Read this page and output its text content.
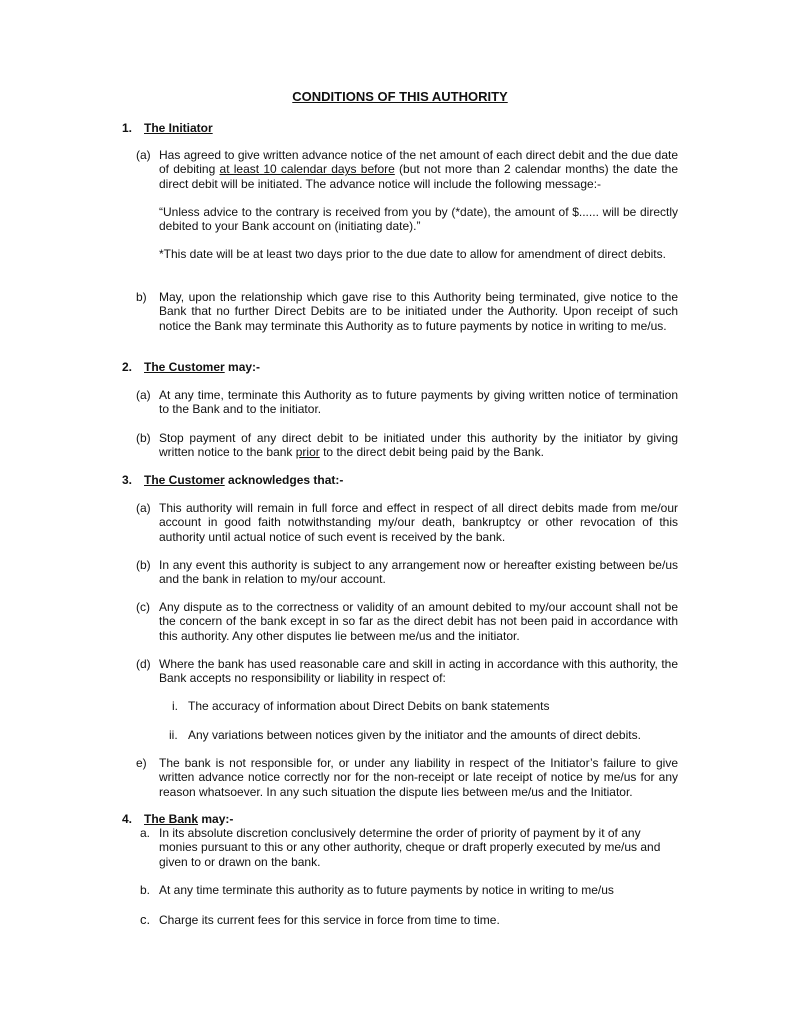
CONDITIONS OF THIS AUTHORITY
1. The Initiator
(a) Has agreed to give written advance notice of the net amount of each direct debit and the due date of debiting at least 10 calendar days before (but not more than 2 calendar months) the date the direct debit will be initiated. The advance notice will include the following message:-
“Unless advice to the contrary is received from you by (*date), the amount of $...... will be directly debited to your Bank account on (initiating date).”
*This date will be at least two days prior to the due date to allow for amendment of direct debits.
b) May, upon the relationship which gave rise to this Authority being terminated, give notice to the Bank that no further Direct Debits are to be initiated under the Authority. Upon receipt of such notice the Bank may terminate this Authority as to future payments by notice in writing to me/us.
2. The Customer may:-
(a) At any time, terminate this Authority as to future payments by giving written notice of termination to the Bank and to the initiator.
(b) Stop payment of any direct debit to be initiated under this authority by the initiator by giving written notice to the bank prior to the direct debit being paid by the Bank.
3. The Customer acknowledges that:-
(a) This authority will remain in full force and effect in respect of all direct debits made from me/our account in good faith notwithstanding my/our death, bankruptcy or other revocation of this authority until actual notice of such event is received by the bank.
(b) In any event this authority is subject to any arrangement now or hereafter existing between be/us and the bank in relation to my/our account.
(c) Any dispute as to the correctness or validity of an amount debited to my/our account shall not be the concern of the bank except in so far as the direct debit has not been paid in accordance with this authority. Any other disputes lie between me/us and the initiator.
(d) Where the bank has used reasonable care and skill in acting in accordance with this authority, the Bank accepts no responsibility or liability in respect of:
i. The accuracy of information about Direct Debits on bank statements
ii. Any variations between notices given by the initiator and the amounts of direct debits.
e) The bank is not responsible for, or under any liability in respect of the Initiator’s failure to give written advance notice correctly nor for the non-receipt or late receipt of notice by me/us for any reason whatsoever. In any such situation the dispute lies between me/us and the Initiator.
4. The Bank may:-
a. In its absolute discretion conclusively determine the order of priority of payment by it of any monies pursuant to this or any other authority, cheque or draft properly executed by me/us and given to or drawn on the bank.
b. At any time terminate this authority as to future payments by notice in writing to me/us
c. Charge its current fees for this service in force from time to time.
